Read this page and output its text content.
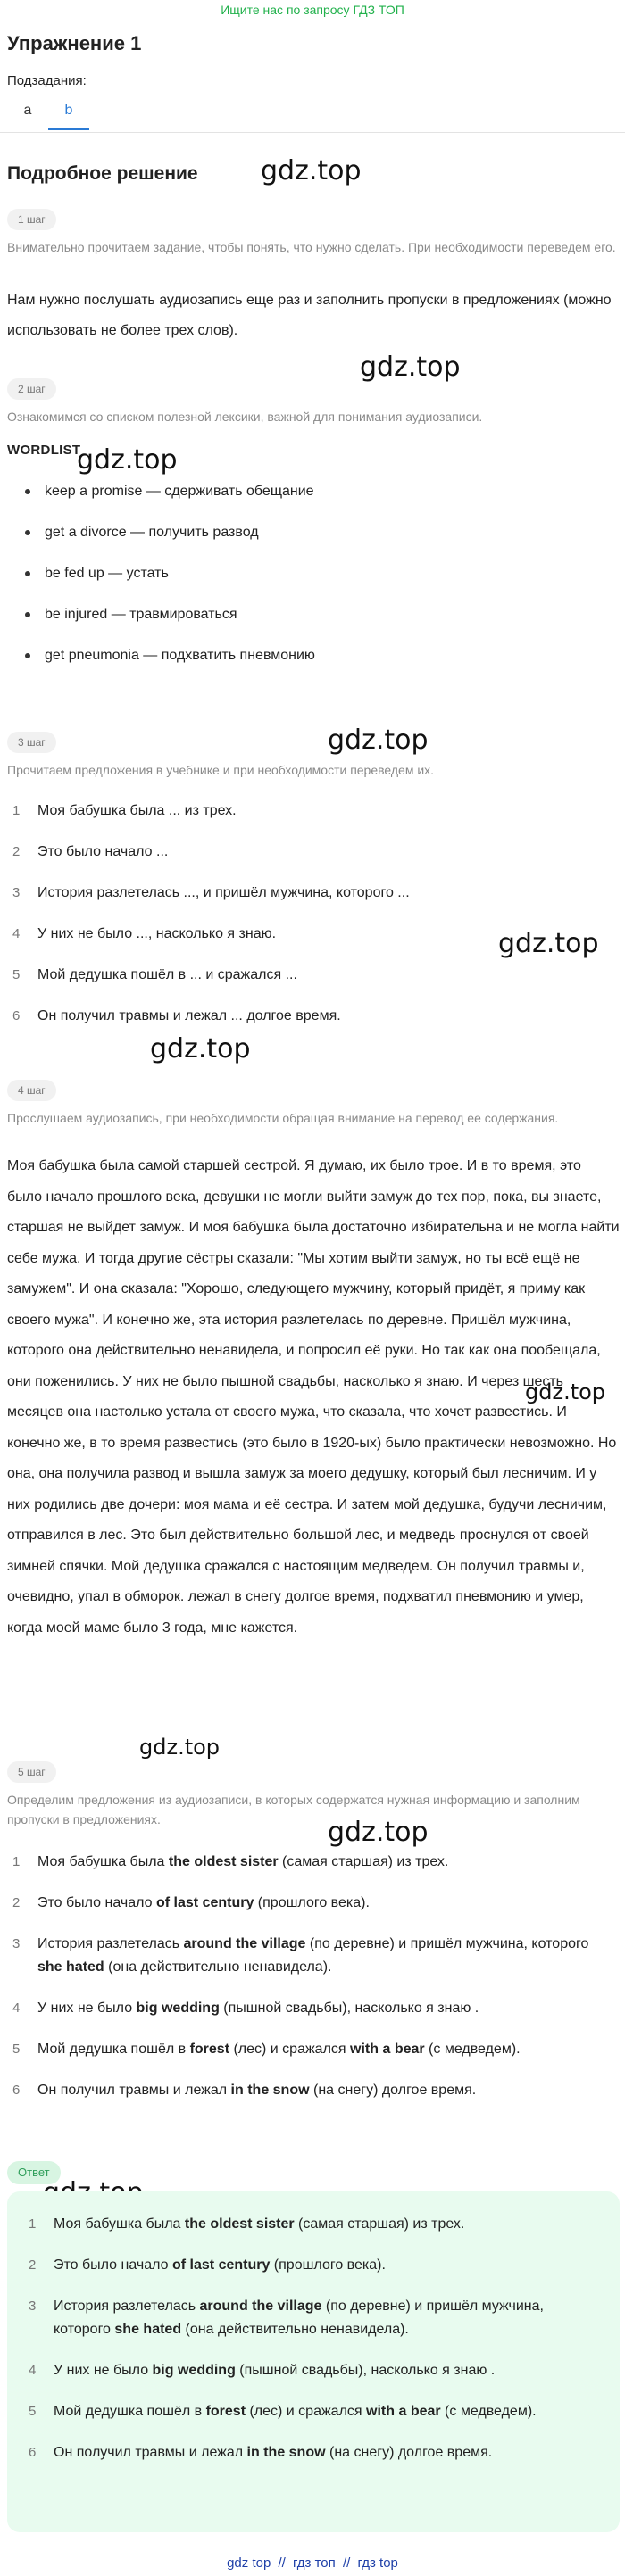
Ищите нас по запросу ГДЗ ТОП
Упражнение 1
Подзадания:
a	b
Подробное решение gdz.top
gdz.top
gdz.top
gdz.top
gdz.top
gdz.top
gdz.top
gdz.top
gdz.top
1 шаг
Внимательно прочитаем задание, чтобы понять, что нужно сделать. При необходимости переведем его.
Нам нужно послушать аудиозапись еще раз и заполнить пропуски в предложениях (можно использовать не более трех слов).
2 шаг
Ознакомимся со списком полезной лексики, важной для понимания аудиозаписи.
WORDLIST
keep a promise — сдерживать обещание
get a divorce — получить развод
be fed up — устать
be injured — травмироваться
get pneumonia — подхватить пневмонию
3 шаг
Прочитаем предложения в учебнике и при необходимости переведем их.
1	Моя бабушка была ... из трех.
2	Это было начало ...
3	История разлетелась ..., и пришёл мужчина, которого ...
4	У них не было ..., насколько я знаю.
5	Мой дедушка пошёл в ... и сражался ...
6	Он получил травмы и лежал ... долгое время.
4 шаг
Прослушаем аудиозапись, при необходимости обращая внимание на перевод ее содержания.
Моя бабушка была самой старшей сестрой. Я думаю, их было трое. И в то время, это было начало прошлого века, девушки не могли выйти замуж до тех пор, пока, вы знаете, старшая не выйдет замуж. И моя бабушка была достаточно избирательна и не могла найти себе мужа. И тогда другие сёстры сказали: "Мы хотим выйти замуж, но ты всё ещё не замужем". И она сказала: "Хорошо, следующего мужчину, который придёт, я приму как своего мужа". И конечно же, эта история разлетелась по деревне. Пришёл мужчина, которого она действительно ненавидела, и попросил её руки. Но так как она пообещала, они поженились. У них не было пышной свадьбы, насколько я знаю. И через шесть месяцев она настолько устала от своего мужа, что сказала, что хочет развестись. И конечно же, в то время развестись (это было в 1920-ых) было практически невозможно. Но она, она получила развод и вышла замуж за моего дедушку, который был лесничим. И у них родились две дочери: моя мама и её сестра. И затем мой дедушка, будучи лесничим, отправился в лес. Это был действительно большой лес, и медведь проснулся от своей зимней спячки. Мой дедушка сражался с настоящим медведем. Он получил травмы и, очевидно, упал в обморок. лежал в снегу долгое время, подхватил пневмонию и умер, когда моей маме было 3 года, мне кажется.
5 шаг
Определим предложения из аудиозаписи, в которых содержатся нужная информацию и заполним пропуски в предложениях.
1	Моя бабушка была the oldest sister (самая старшая) из трех.
2	Это было начало of last century (прошлого века).
3	История разлетелась around the village (по деревне) и пришёл мужчина, которого she hated (она действительно ненавидела).
4	У них не было big wedding (пышной свадьбы), насколько я знаю .
5	Мой дедушка пошёл в forest (лес) и сражался with a bear (с медведем).
6	Он получил травмы и лежал in the snow (на снегу) долгое время.
Ответ
1	Моя бабушка была the oldest sister (самая старшая) из трех.
2	Это было начало of last century (прошлого века).
3	История разлетелась around the village (по деревне) и пришёл мужчина, которого she hated (она действительно ненавидела).
4	У них не было big wedding (пышной свадьбы), насколько я знаю .
5	Мой дедушка пошёл в forest (лес) и сражался with a bear (с медведем).
6	Он получил травмы и лежал in the snow (на снегу) долгое время.
gdz top // гдз топ // гдз top
